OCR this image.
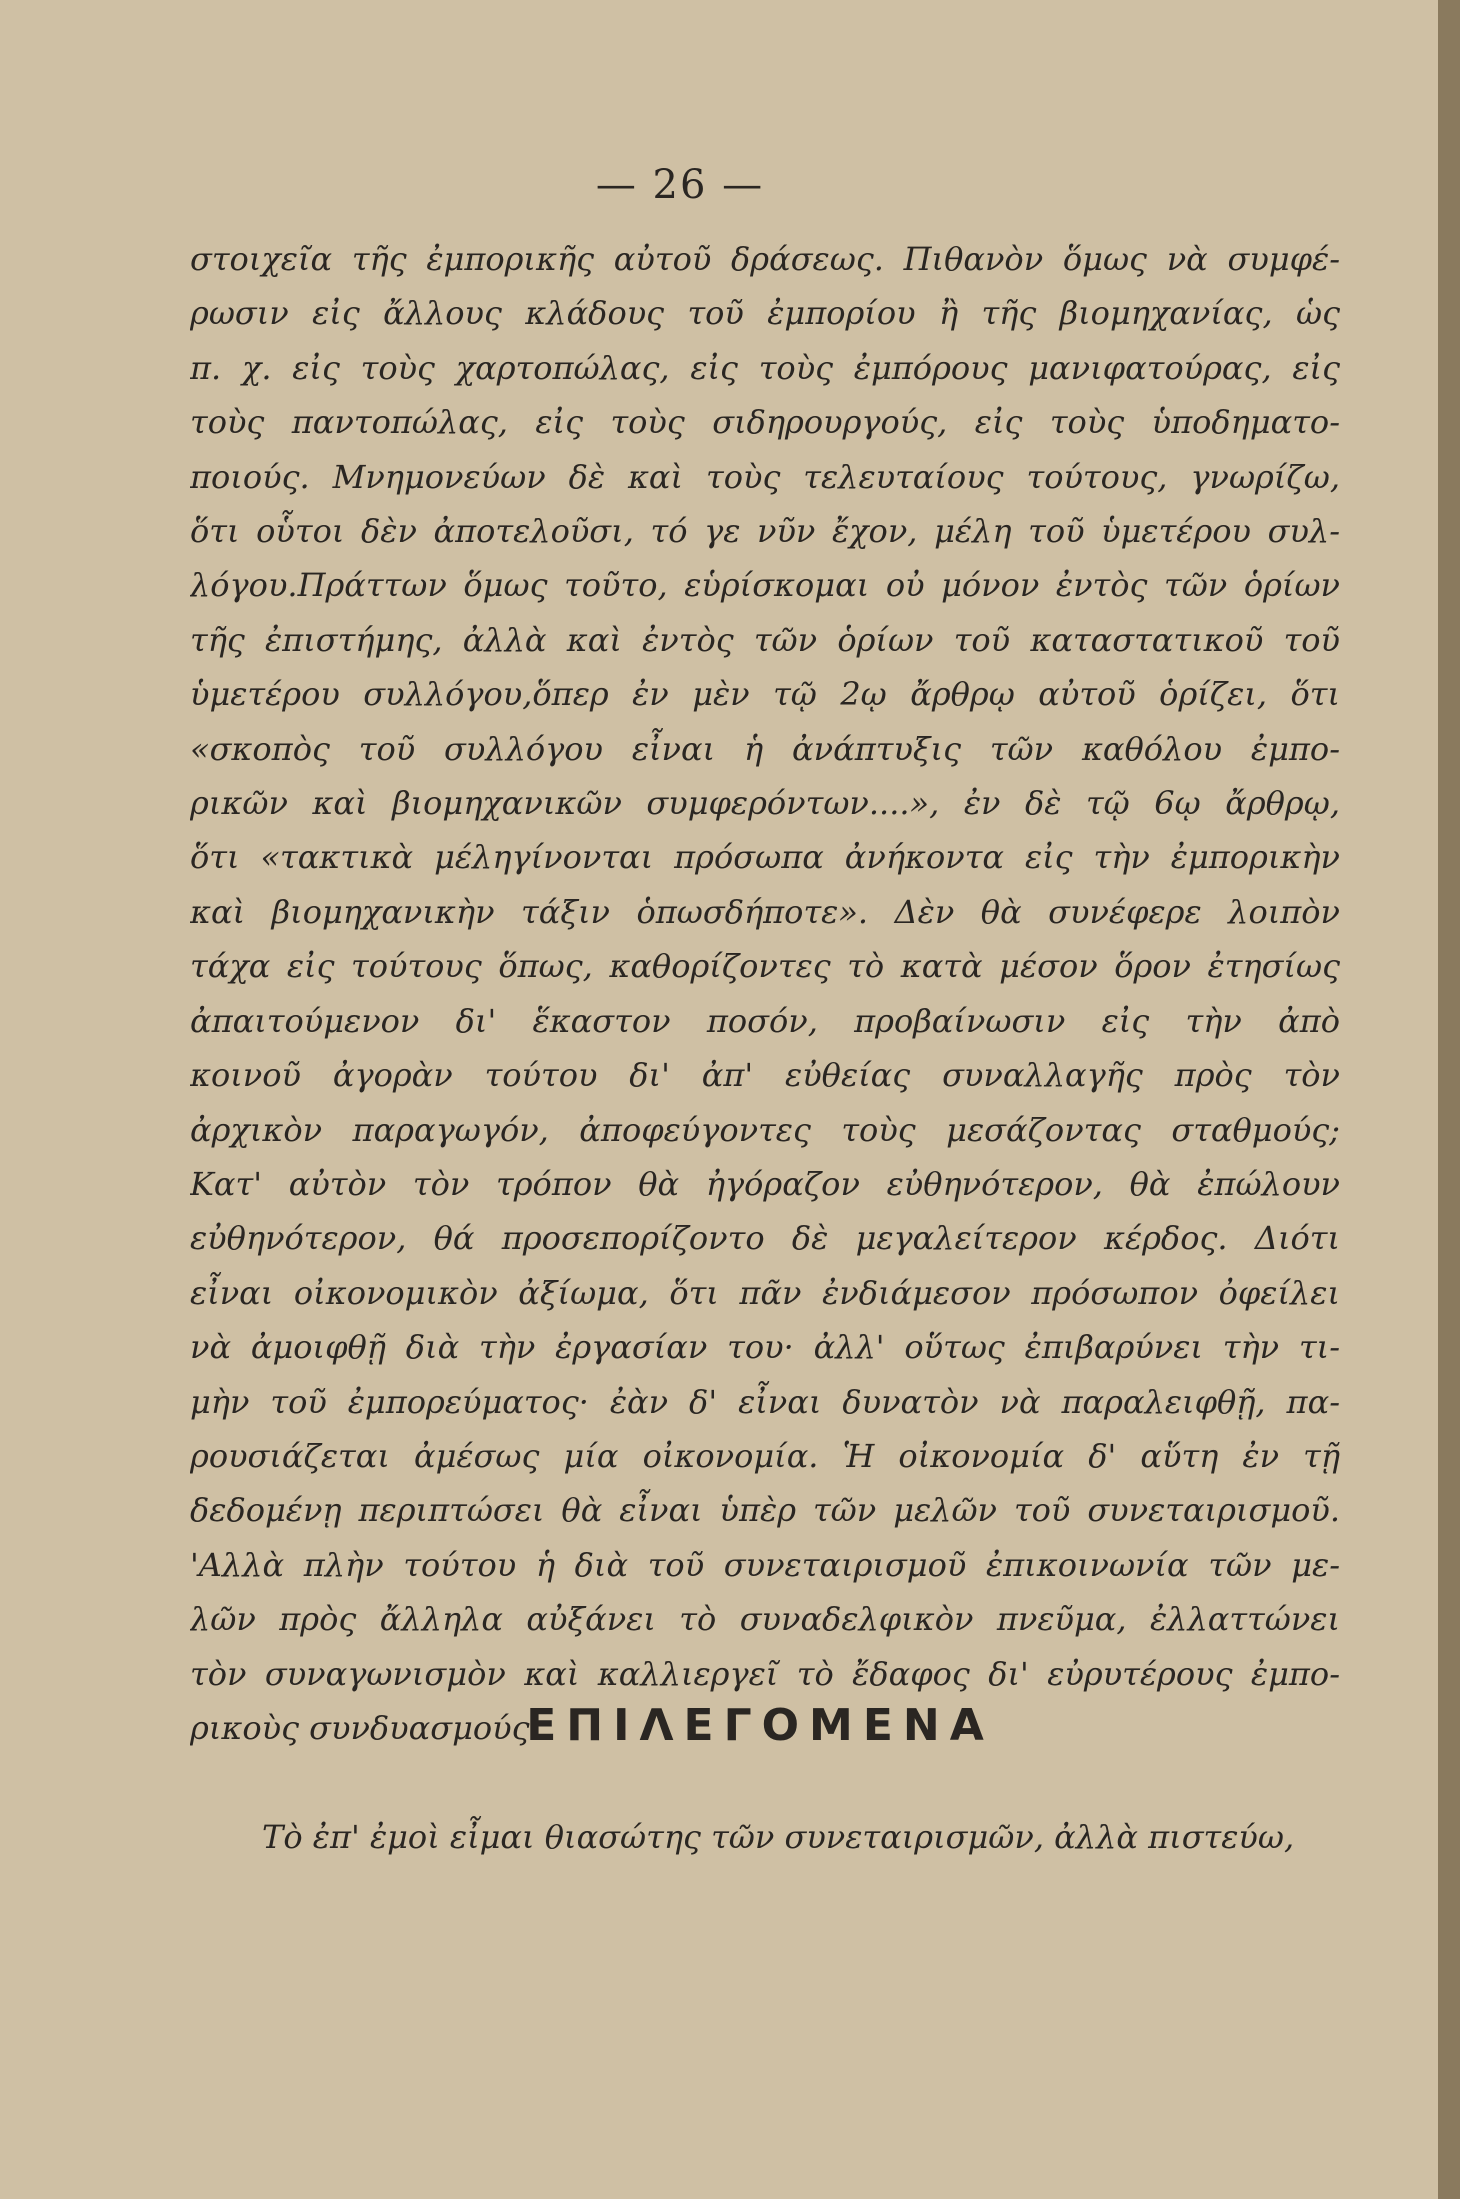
— 26 —
στοιχεῖα τῆς ἐμπορικῆς αὐτοῦ δράσεως. Πιθανὸν ὅμως νὰ συμφέ-
ρωσιν εἰς ἄλλους κλάδους τοῦ ἐμπορίου ἢ τῆς βιομηχανίας, ὡς
π. χ. εἰς τοὺς χαρτοπώλας, εἰς τοὺς ἐμπόρους μανιφατούρας, εἰς
τοὺς παντοπώλας, εἰς τοὺς σιδηρουργούς, εἰς τοὺς ὑποδηματο-
ποιούς. Μνημονεύων δὲ καὶ τοὺς τελευταίους τούτους, γνωρίζω,
ὅτι οὗτοι δὲν ἀποτελοῦσι, τό γε νῦν ἔχον, μέλη τοῦ ὑμετέρου συλ-
λόγου.Πράττων ὅμως τοῦτο, εὑρίσκομαι οὐ μόνον ἐντὸς τῶν ὁρίων
τῆς ἐπιστήμης, ἀλλὰ καὶ ἐντὸς τῶν ὁρίων τοῦ καταστατικοῦ τοῦ
ὑμετέρου συλλόγου,ὅπερ ἐν μὲν τῷ 2ῳ ἄρθρῳ αὐτοῦ ὁρίζει, ὅτι
«σκοπὸς τοῦ συλλόγου εἶναι ἡ ἀνάπτυξις τῶν καθόλου ἐμπο-
ρικῶν καὶ βιομηχανικῶν συμφερόντων....», ἐν δὲ τῷ 6ῳ ἄρθρῳ,
ὅτι «τακτικὰ μέληγίνονται πρόσωπα ἀνήκοντα εἰς τὴν ἐμπορικὴν
καὶ βιομηχανικὴν τάξιν ὁπωσδήποτε». Δὲν θὰ συνέφερε λοιπὸν
τάχα εἰς τούτους ὅπως, καθορίζοντες τὸ κατὰ μέσον ὅρον ἐτησίως
ἀπαιτούμενον δι' ἕκαστον ποσόν, προβαίνωσιν εἰς τὴν ἀπὸ
κοινοῦ ἀγορὰν τούτου δι' ἀπ' εὐθείας συναλλαγῆς πρὸς τὸν
ἀρχικὸν παραγωγόν, ἀποφεύγοντες τοὺς μεσάζοντας σταθμούς;
Κατ' αὐτὸν τὸν τρόπον θὰ ἠγόραζον εὐθηνότερον, θὰ ἐπώλουν
εὐθηνότερον, θά προσεπορίζοντο δὲ μεγαλείτερον κέρδος. Διότι
εἶναι οἰκονομικὸν ἀξίωμα, ὅτι πᾶν ἐνδιάμεσον πρόσωπον ὀφείλει
νὰ ἀμοιφθῇ διὰ τὴν ἐργασίαν του· ἀλλ' οὕτως ἐπιβαρύνει τὴν τι-
μὴν τοῦ ἐμπορεύματος· ἐὰν δ' εἶναι δυνατὸν νὰ παραλειφθῇ, πα-
ρουσιάζεται ἀμέσως μία οἰκονομία. Ἡ οἰκονομία δ' αὕτη ἐν τῇ
δεδομένῃ περιπτώσει θὰ εἶναι ὑπὲρ τῶν μελῶν τοῦ συνεταιρισμοῦ.
'Αλλὰ πλὴν τούτου ἡ διὰ τοῦ συνεταιρισμοῦ ἐπικοινωνία τῶν με-
λῶν πρὸς ἄλληλα αὐξάνει τὸ συναδελφικὸν πνεῦμα, ἐλλαττώνει
τὸν συναγωνισμὸν καὶ καλλιεργεῖ τὸ ἔδαφος δι' εὐρυτέρους ἐμπο-
ρικοὺς συνδυασμούς.
ΕΠΙΛΕΓΟΜΕΝΑ
Τὸ ἐπ' ἐμοὶ εἶμαι θιασώτης τῶν συνεταιρισμῶν, ἀλλὰ πιστεύω,
